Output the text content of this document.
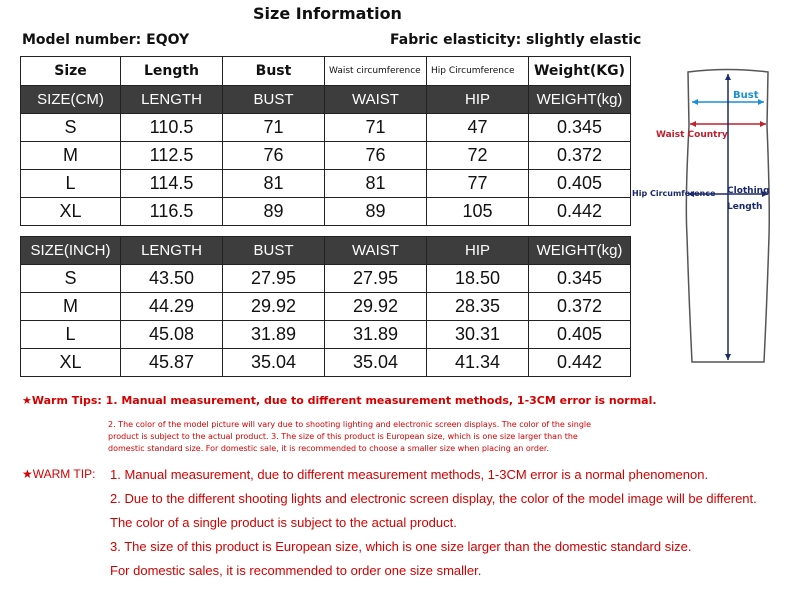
Size Information
Model number: EQOY	Fabric elasticity: slightly elastic
Size	Length	Bust	Waist circumference	Hip Circumference	Weight(KG)
SIZE(CM)	LENGTH	BUST	WAIST	HIP	WEIGHT(kg)
S	110.5	71	71	47	0.345
M	112.5	76	76	72	0.372
L	114.5	81	81	77	0.405
XL	116.5	89	89	105	0.442
SIZE(INCH)	LENGTH	BUST	WAIST	HIP	WEIGHT(kg)
S	43.50	27.95	27.95	18.50	0.345
M	44.29	29.92	29.92	28.35	0.372
L	45.08	31.89	31.89	30.31	0.405
XL	45.87	35.04	35.04	41.34	0.442
Bust
Waist Country
Hip Circumference Clothing
Length
★Warm Tips: 1. Manual measurement, due to different measurement methods, 1-3CM error is normal.
2. The color of the model picture will vary due to shooting lighting and electronic screen displays. The color of the single
product is subject to the actual product. 3. The size of this product is European size, which is one size larger than the
domestic standard size. For domestic sale, it is recommended to choose a smaller size when placing an order.
★WARM TIP: 1. Manual measurement, due to different measurement methods, 1-3CM error is a normal phenomenon.
2. Due to the different shooting lights and electronic screen display, the color of the model image will be different.
The color of a single product is subject to the actual product.
3. The size of this product is European size, which is one size larger than the domestic standard size.
For domestic sales, it is recommended to order one size smaller.
